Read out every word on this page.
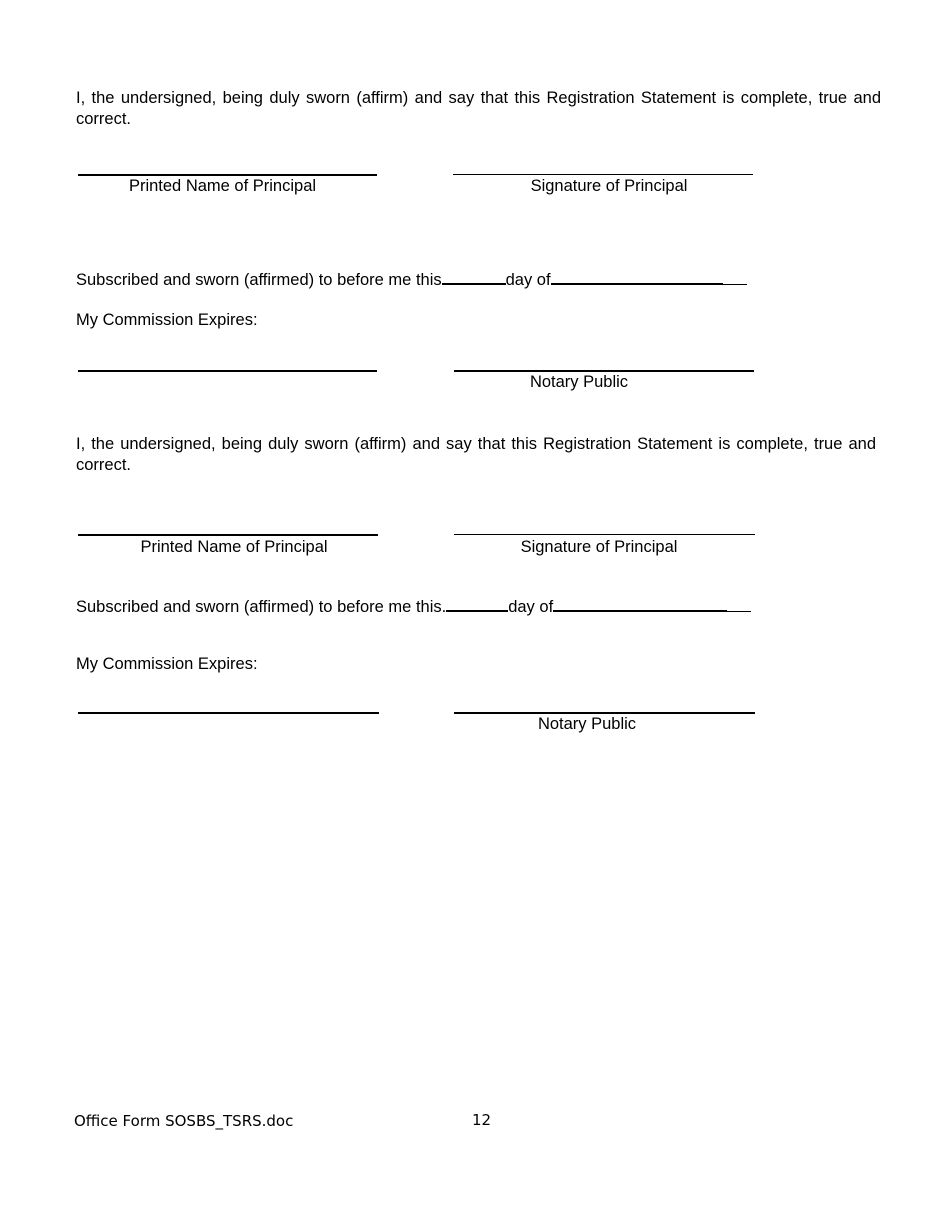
I, the undersigned, being duly sworn (affirm) and say that this Registration Statement is complete, true and correct.
Printed Name of Principal	Signature of Principal
Subscribed and sworn (affirmed) to before me this	day of
My Commission Expires:
Notary Public
I, the undersigned, being duly sworn (affirm) and say that this Registration Statement is complete, true and correct.
Printed Name of Principal	Signature of Principal
Subscribed and sworn (affirmed) to before me this.	day of
My Commission Expires:
Notary Public
Office Form SOSBS_TSRS.doc	12
